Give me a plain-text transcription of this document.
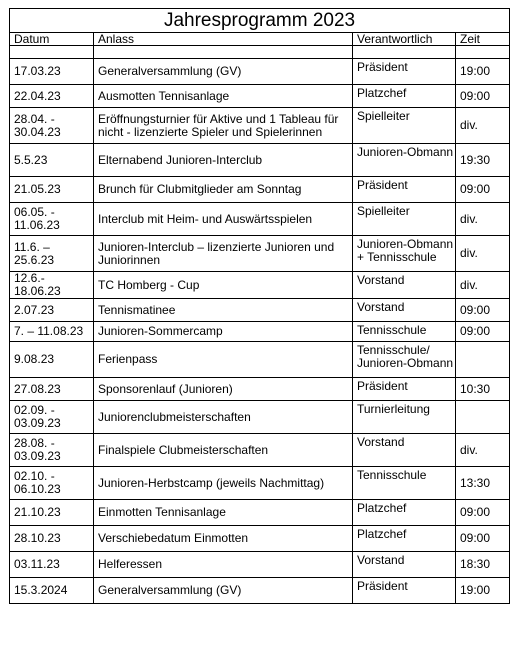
Jahresprogramm 2023			
Datum	Anlass	Verantwortlich	Zeit

17.03.23	Generalversammlung (GV)	Präsident	19:00
22.04.23	Ausmotten Tennisanlage	Platzchef	09:00
28.04. - 30.04.23	Eröffnungsturnier für Aktive und 1 Tableau für nicht - lizenzierte Spieler und Spielerinnen	Spielleiter	div.
5.5.23	Elternabend Junioren-Interclub	Junioren-Obmann	19:30
21.05.23	Brunch für Clubmitglieder am Sonntag	Präsident	09:00
06.05. - 11.06.23	Interclub mit Heim- und Auswärtsspielen	Spielleiter	div.
11.6. – 25.6.23	Junioren-Interclub – lizenzierte Junioren und Juniorinnen	Junioren-Obmann + Tennisschule	div.
12.6.- 18.06.23	TC Homberg - Cup	Vorstand	div.
2.07.23	Tennismatinee	Vorstand	09:00
7. – 11.08.23	Junioren-Sommercamp	Tennisschule	09:00
9.08.23	Ferienpass	Tennisschule/ Junioren-Obmann	
27.08.23	Sponsorenlauf (Junioren)	Präsident	10:30
02.09. - 03.09.23	Juniorenclubmeisterschaften	Turnierleitung	
28.08. - 03.09.23	Finalspiele Clubmeisterschaften	Vorstand	div.
02.10. - 06.10.23	Junioren-Herbstcamp (jeweils Nachmittag)	Tennisschule	13:30
21.10.23	Einmotten Tennisanlage	Platzchef	09:00
28.10.23	Verschiebedatum Einmotten	Platzchef	09:00
03.11.23	Helferessen	Vorstand	18:30
15.3.2024	Generalversammlung (GV)	Präsident	19:00
